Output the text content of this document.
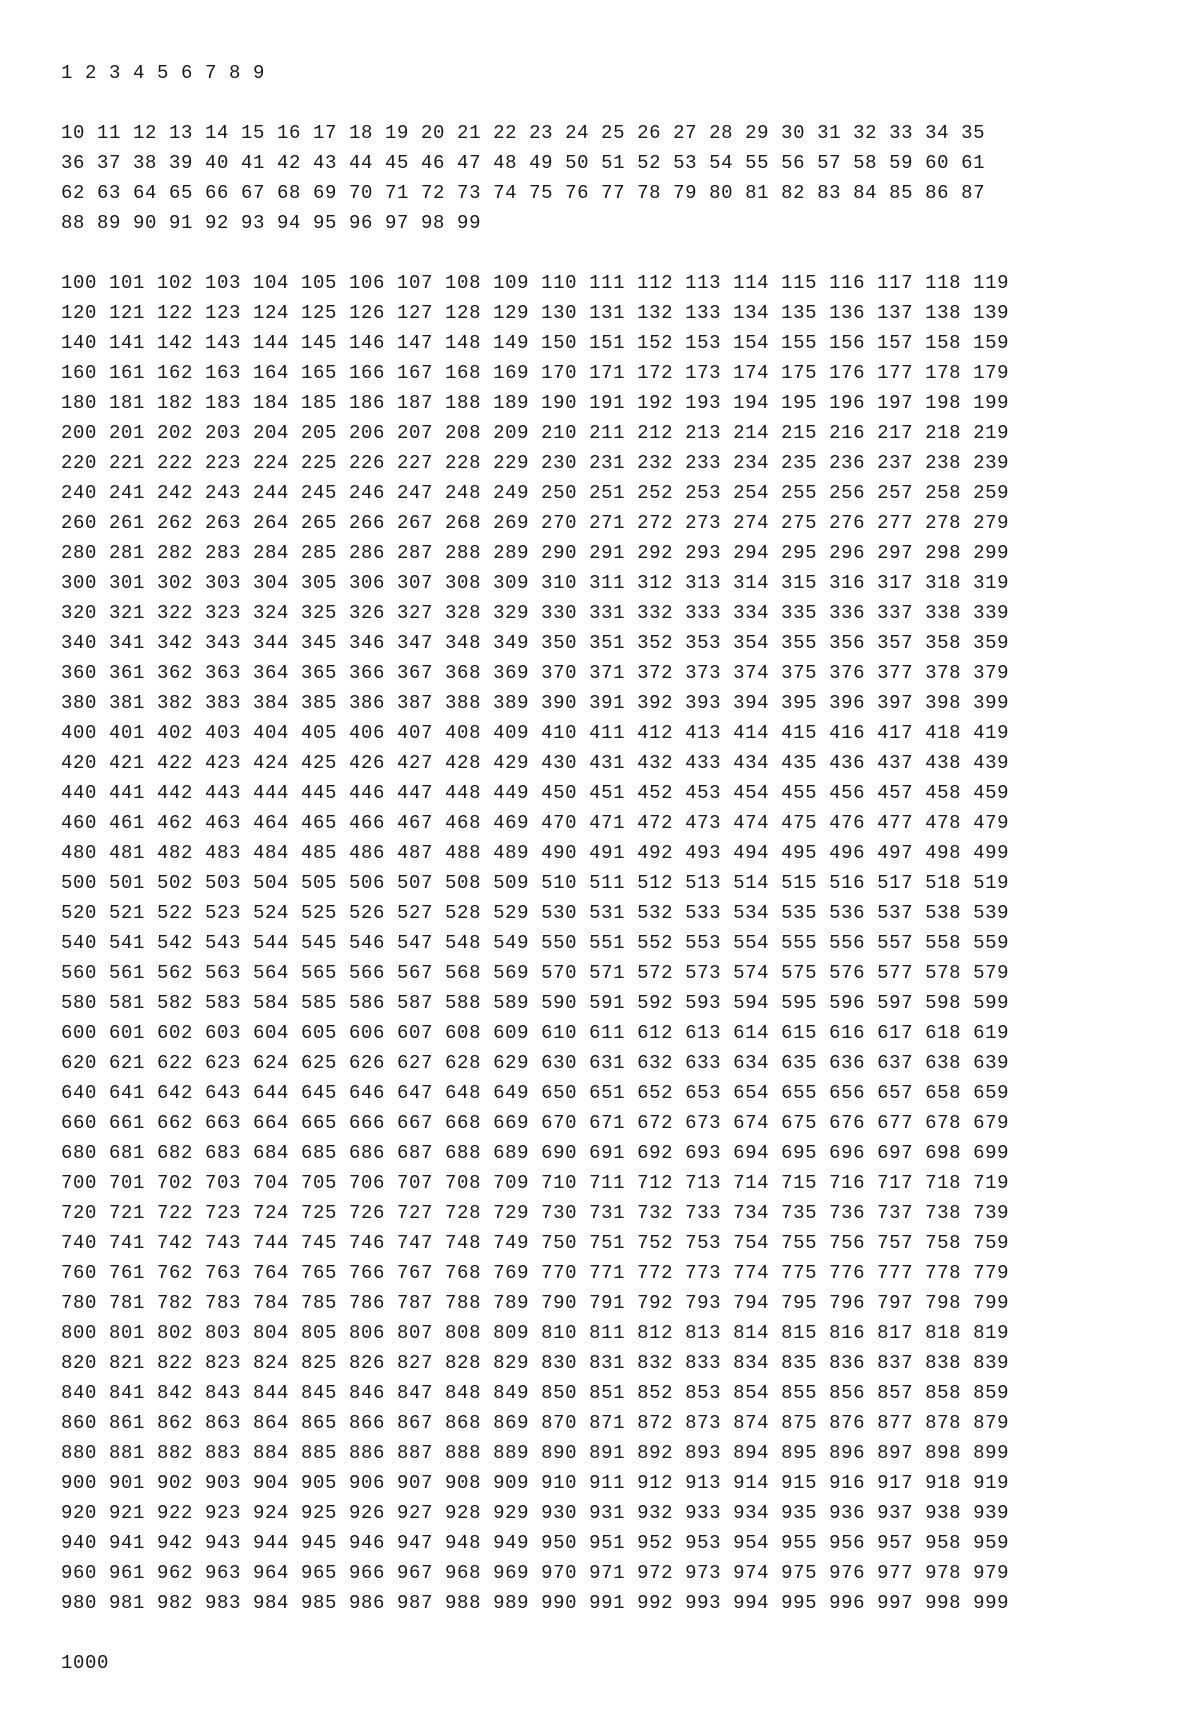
1 2 3 4 5 6 7 8 9
10 11 12 13 14 15 16 17 18 19 20 21 22 23 24 25 26 27 28 29 30 31 32 33 34 35
36 37 38 39 40 41 42 43 44 45 46 47 48 49 50 51 52 53 54 55 56 57 58 59 60 61
62 63 64 65 66 67 68 69 70 71 72 73 74 75 76 77 78 79 80 81 82 83 84 85 86 87
88 89 90 91 92 93 94 95 96 97 98 99
100 101 102 103 104 105 106 107 108 109 110 111 112 113 114 115 116 117 118 119
120 121 122 123 124 125 126 127 128 129 130 131 132 133 134 135 136 137 138 139
140 141 142 143 144 145 146 147 148 149 150 151 152 153 154 155 156 157 158 159
160 161 162 163 164 165 166 167 168 169 170 171 172 173 174 175 176 177 178 179
180 181 182 183 184 185 186 187 188 189 190 191 192 193 194 195 196 197 198 199
200 201 202 203 204 205 206 207 208 209 210 211 212 213 214 215 216 217 218 219
220 221 222 223 224 225 226 227 228 229 230 231 232 233 234 235 236 237 238 239
240 241 242 243 244 245 246 247 248 249 250 251 252 253 254 255 256 257 258 259
260 261 262 263 264 265 266 267 268 269 270 271 272 273 274 275 276 277 278 279
280 281 282 283 284 285 286 287 288 289 290 291 292 293 294 295 296 297 298 299
300 301 302 303 304 305 306 307 308 309 310 311 312 313 314 315 316 317 318 319
320 321 322 323 324 325 326 327 328 329 330 331 332 333 334 335 336 337 338 339
340 341 342 343 344 345 346 347 348 349 350 351 352 353 354 355 356 357 358 359
360 361 362 363 364 365 366 367 368 369 370 371 372 373 374 375 376 377 378 379
380 381 382 383 384 385 386 387 388 389 390 391 392 393 394 395 396 397 398 399
400 401 402 403 404 405 406 407 408 409 410 411 412 413 414 415 416 417 418 419
420 421 422 423 424 425 426 427 428 429 430 431 432 433 434 435 436 437 438 439
440 441 442 443 444 445 446 447 448 449 450 451 452 453 454 455 456 457 458 459
460 461 462 463 464 465 466 467 468 469 470 471 472 473 474 475 476 477 478 479
480 481 482 483 484 485 486 487 488 489 490 491 492 493 494 495 496 497 498 499
500 501 502 503 504 505 506 507 508 509 510 511 512 513 514 515 516 517 518 519
520 521 522 523 524 525 526 527 528 529 530 531 532 533 534 535 536 537 538 539
540 541 542 543 544 545 546 547 548 549 550 551 552 553 554 555 556 557 558 559
560 561 562 563 564 565 566 567 568 569 570 571 572 573 574 575 576 577 578 579
580 581 582 583 584 585 586 587 588 589 590 591 592 593 594 595 596 597 598 599
600 601 602 603 604 605 606 607 608 609 610 611 612 613 614 615 616 617 618 619
620 621 622 623 624 625 626 627 628 629 630 631 632 633 634 635 636 637 638 639
640 641 642 643 644 645 646 647 648 649 650 651 652 653 654 655 656 657 658 659
660 661 662 663 664 665 666 667 668 669 670 671 672 673 674 675 676 677 678 679
680 681 682 683 684 685 686 687 688 689 690 691 692 693 694 695 696 697 698 699
700 701 702 703 704 705 706 707 708 709 710 711 712 713 714 715 716 717 718 719
720 721 722 723 724 725 726 727 728 729 730 731 732 733 734 735 736 737 738 739
740 741 742 743 744 745 746 747 748 749 750 751 752 753 754 755 756 757 758 759
760 761 762 763 764 765 766 767 768 769 770 771 772 773 774 775 776 777 778 779
780 781 782 783 784 785 786 787 788 789 790 791 792 793 794 795 796 797 798 799
800 801 802 803 804 805 806 807 808 809 810 811 812 813 814 815 816 817 818 819
820 821 822 823 824 825 826 827 828 829 830 831 832 833 834 835 836 837 838 839
840 841 842 843 844 845 846 847 848 849 850 851 852 853 854 855 856 857 858 859
860 861 862 863 864 865 866 867 868 869 870 871 872 873 874 875 876 877 878 879
880 881 882 883 884 885 886 887 888 889 890 891 892 893 894 895 896 897 898 899
900 901 902 903 904 905 906 907 908 909 910 911 912 913 914 915 916 917 918 919
920 921 922 923 924 925 926 927 928 929 930 931 932 933 934 935 936 937 938 939
940 941 942 943 944 945 946 947 948 949 950 951 952 953 954 955 956 957 958 959
960 961 962 963 964 965 966 967 968 969 970 971 972 973 974 975 976 977 978 979
980 981 982 983 984 985 986 987 988 989 990 991 992 993 994 995 996 997 998 999
1000
